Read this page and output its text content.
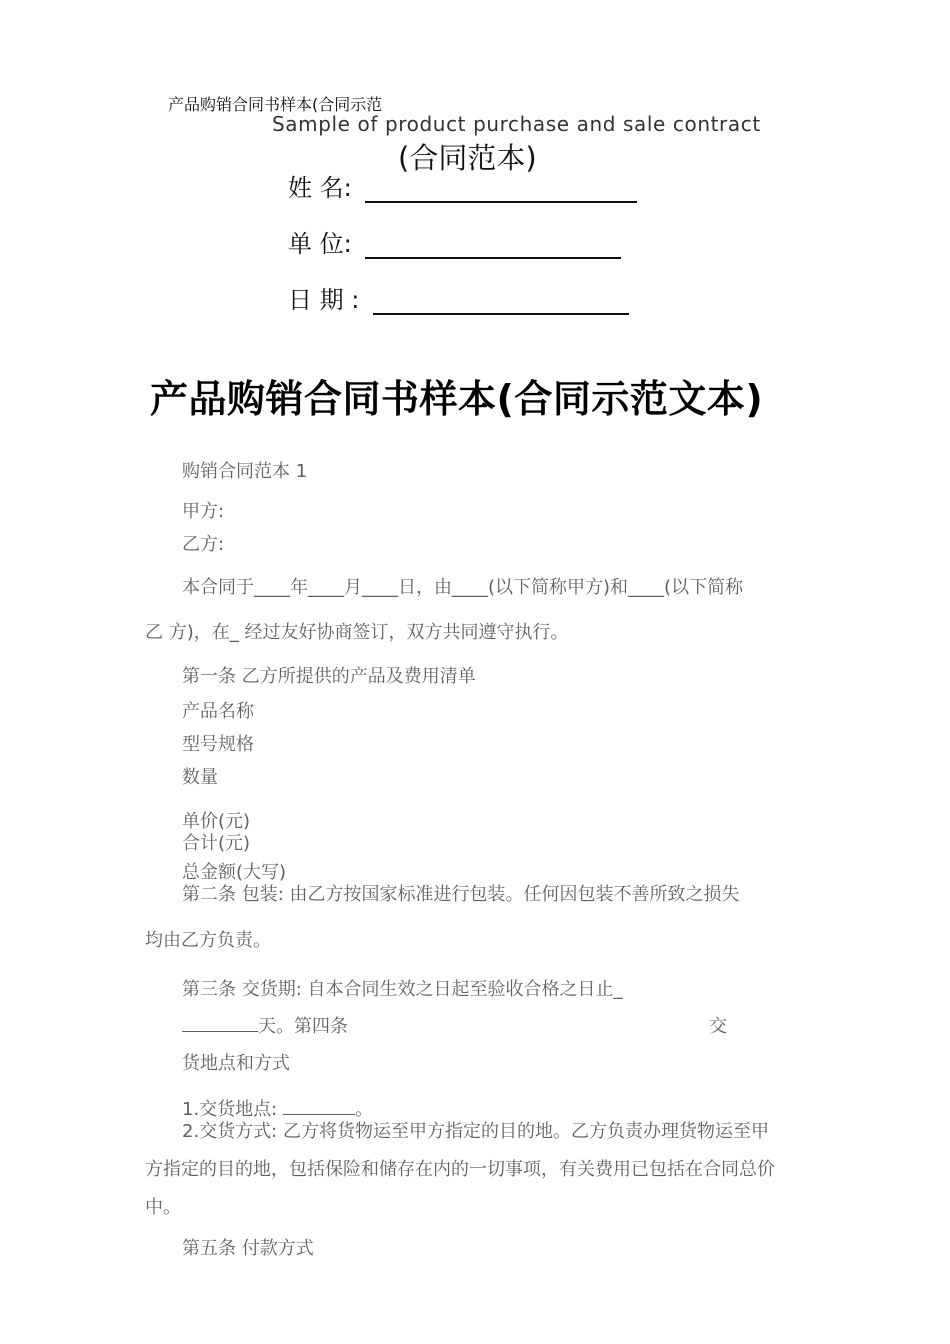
产品购销合同书样本(合同示范
Sample of product purchase and sale contract
(合同范本)
姓 名:
单 位:
日 期 :
产品购销合同书样本(合同示范文本)
购销合同范本 1
甲方:
乙方:
本合同于____年____月____日，由____(以下简称甲方)和____(以下简称
乙 方)，在_ 经过友好协商签订，双方共同遵守执行。
第一条 乙方所提供的产品及费用清单
产品名称
型号规格
数量
单价(元)
合计(元)
总金额(大写)
第二条 包装: 由乙方按国家标准进行包装。任何因包装不善所致之损失
均由乙方负责。
第三条 交货期: 自本合同生效之日起至验收合格之日止_
天。第四条	交
货地点和方式
1.交货地点:	。
2.交货方式: 乙方将货物运至甲方指定的目的地。乙方负责办理货物运至甲
方指定的目的地，包括保险和储存在内的一切事项，有关费用已包括在合同总价
中。
第五条 付款方式
